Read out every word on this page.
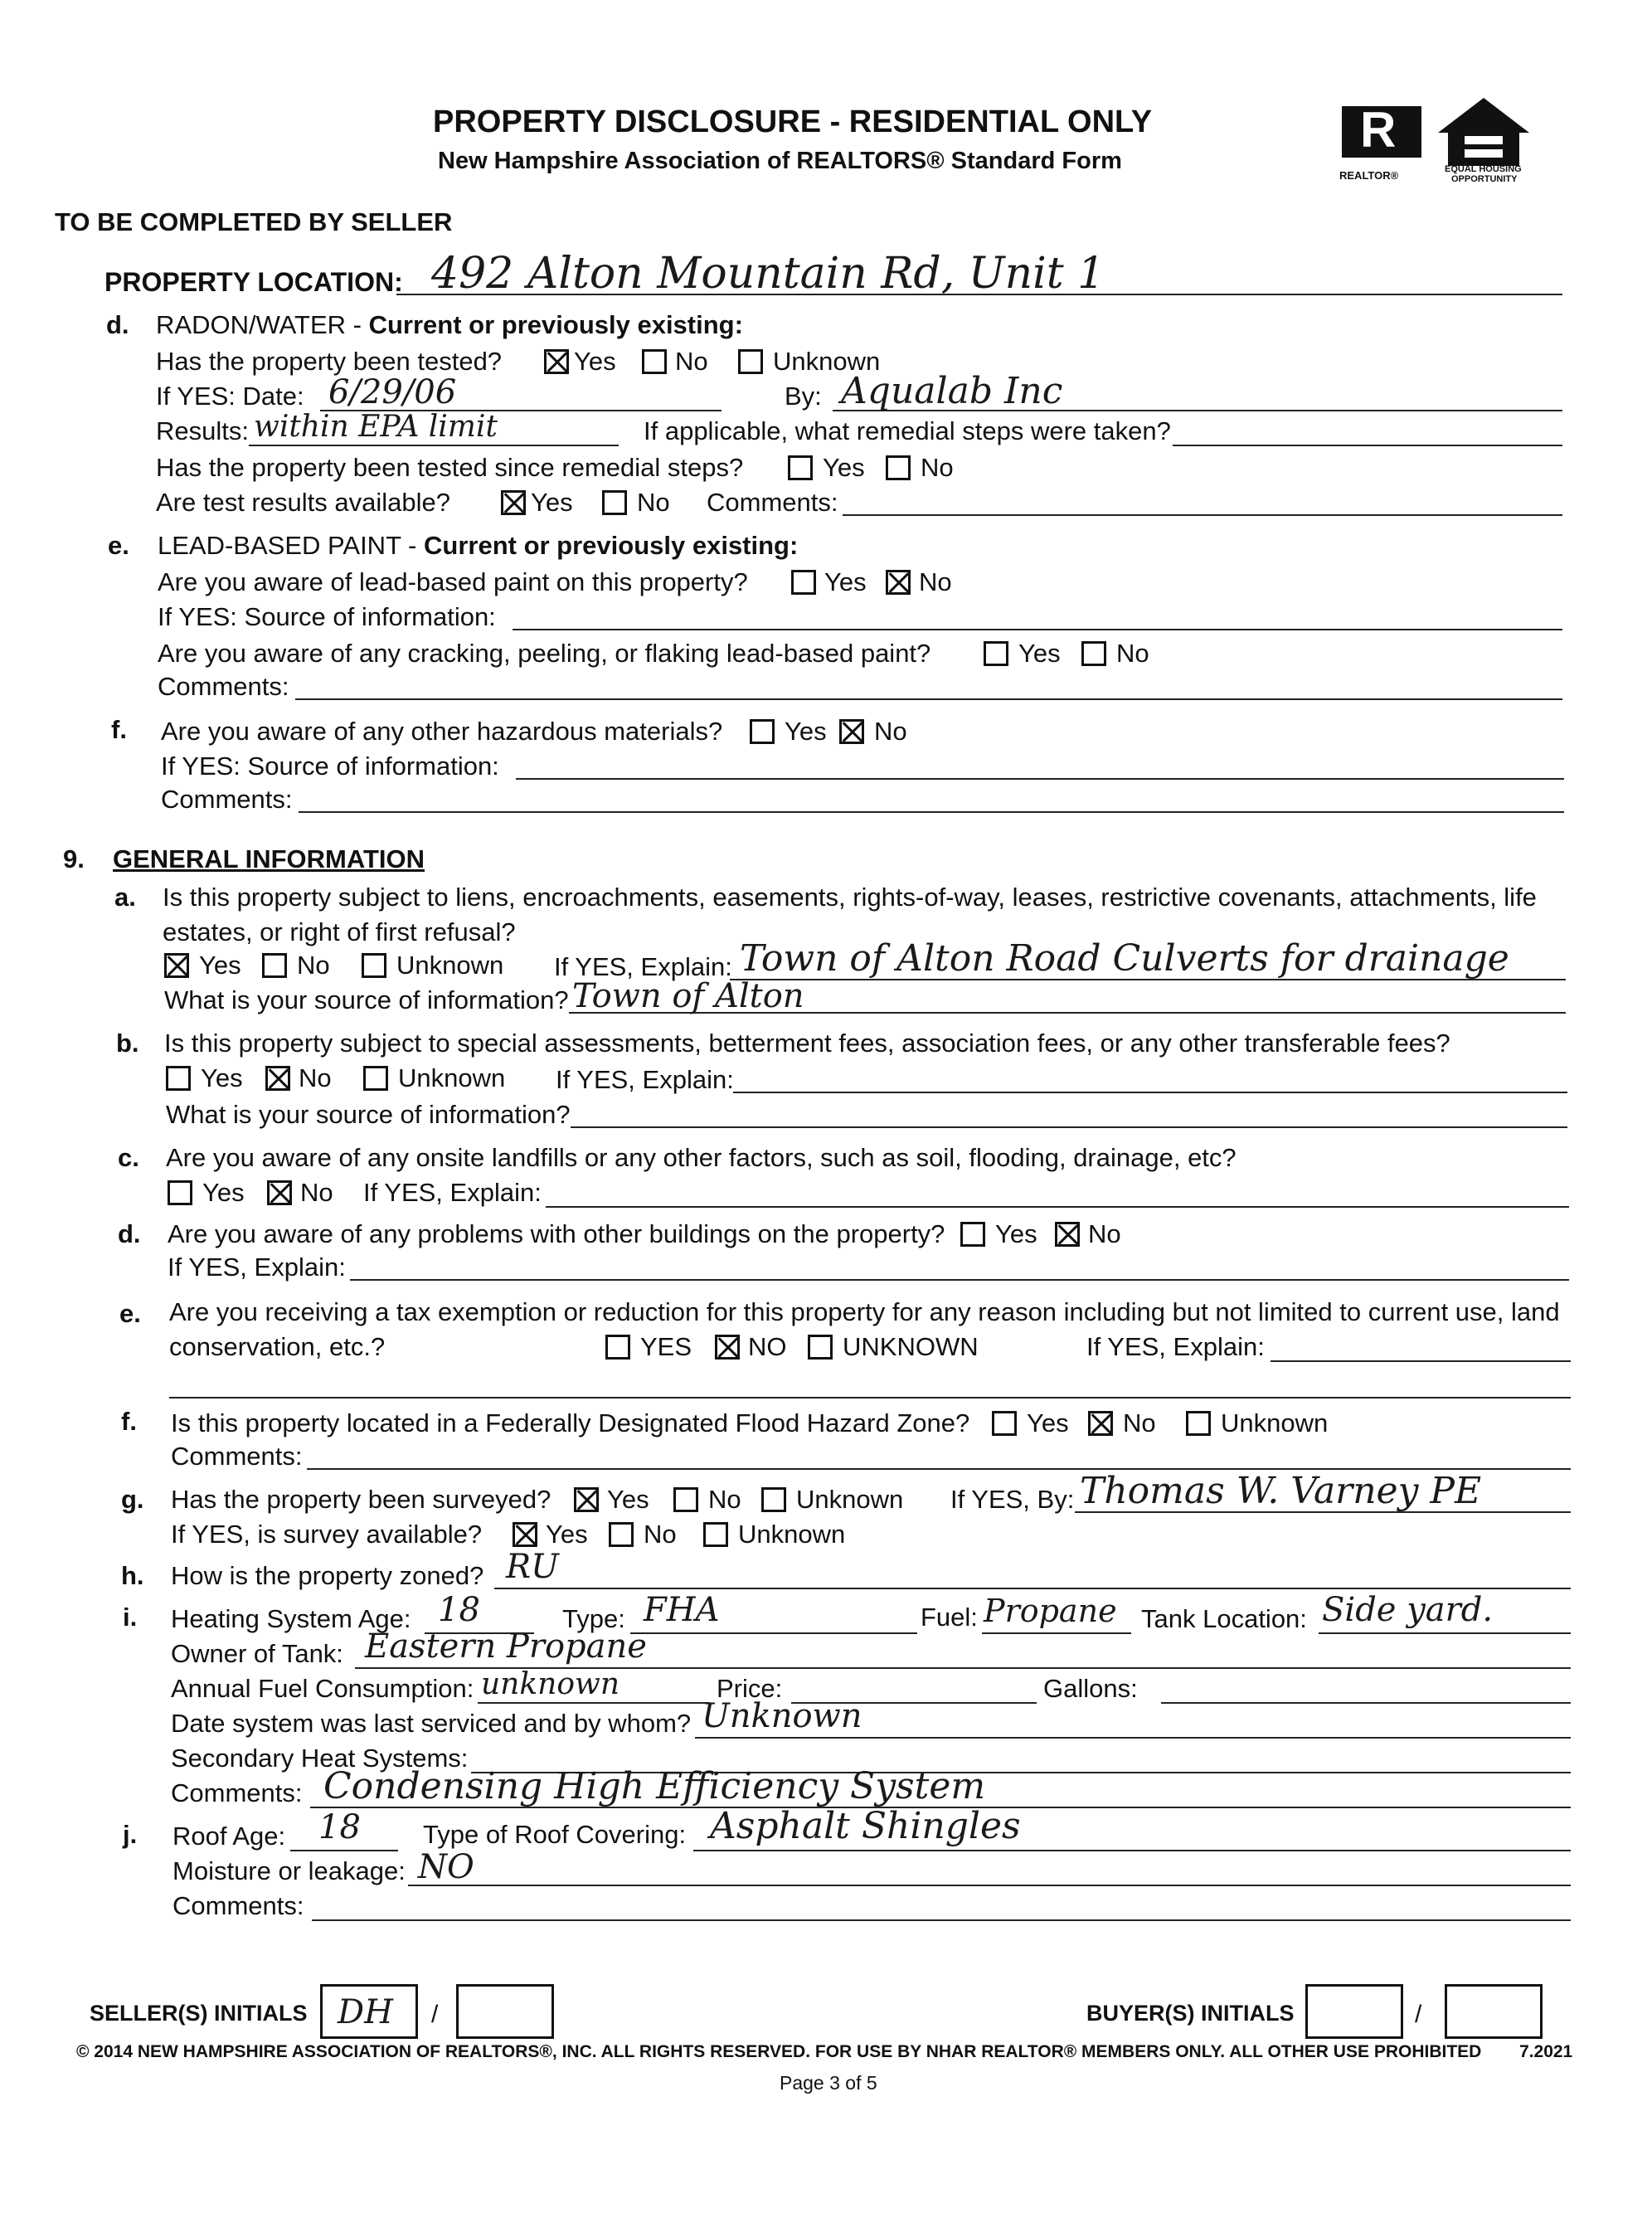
PROPERTY DISCLOSURE - RESIDENTIAL ONLY
New Hampshire Association of REALTORS® Standard Form
R
REALTOR®	EQUAL HOUSING
OPPORTUNITY
TO BE COMPLETED BY SELLER
PROPERTY LOCATION: 492 Alton Mountain Rd, Unit 1
d. RADON/WATER - Current or previously existing:
Has the property been tested?	Yes No	Unknown
If YES: Date: 6/29/06	By: Aqualab Inc
Results: within EPA limit	If applicable, what remedial steps were taken?
Has the property been tested since remedial steps?	Yes No
Are test results available?	Yes No Comments:
e. LEAD-BASED PAINT - Current or previously existing:
Are you aware of lead-based paint on this property?	Yes No
If YES: Source of information:
Are you aware of any cracking, peeling, or flaking lead-based paint?	Yes No
Comments:
f. Are you aware of any other hazardous materials? Yes No
If YES: Source of information:
Comments:
9. GENERAL INFORMATION
a. Is this property subject to liens, encroachments, easements, rights-of-way, leases, restrictive covenants, attachments, life
estates, or right of first refusal?
Yes No	Unknown If YES, Explain: Town of Alton Road Culverts for drainage
What is your source of information? Town of Alton
b. Is this property subject to special assessments, betterment fees, association fees, or any other transferable fees?
Yes No	Unknown If YES, Explain:
What is your source of information?
c. Are you aware of any onsite landfills or any other factors, such as soil, flooding, drainage, etc?
Yes No If YES, Explain:
d. Are you aware of any problems with other buildings on the property? Yes No
If YES, Explain:
e. Are you receiving a tax exemption or reduction for this property for any reason including but not limited to current use, land
conservation, etc.?	YES NO UNKNOWN	If YES, Explain:
f. Is this property located in a Federally Designated Flood Hazard Zone? Yes No	Unknown
Comments:
g. Has the property been surveyed? Yes No Unknown If YES, By: Thomas W. Varney PE
If YES, is survey available? Yes No Unknown
h. How is the property zoned? RU
i. Heating System Age: 18	Type: FHA	Fuel: Propane Tank Location: Side yard.
Owner of Tank: Eastern Propane
Annual Fuel Consumption: unknown	Price:	Gallons:
Date system was last serviced and by whom? Unknown
Secondary Heat Systems:
Comments: Condensing High Efficiency System
j. Roof Age: 18 Type of Roof Covering: Asphalt Shingles
Moisture or leakage: NO
Comments:
SELLER(S) INITIALS DH /	BUYER(S) INITIALS	/
© 2014 NEW HAMPSHIRE ASSOCIATION OF REALTORS®, INC. ALL RIGHTS RESERVED. FOR USE BY NHAR REALTOR® MEMBERS ONLY. ALL OTHER USE PROHIBITED 7.2021
Page 3 of 5
